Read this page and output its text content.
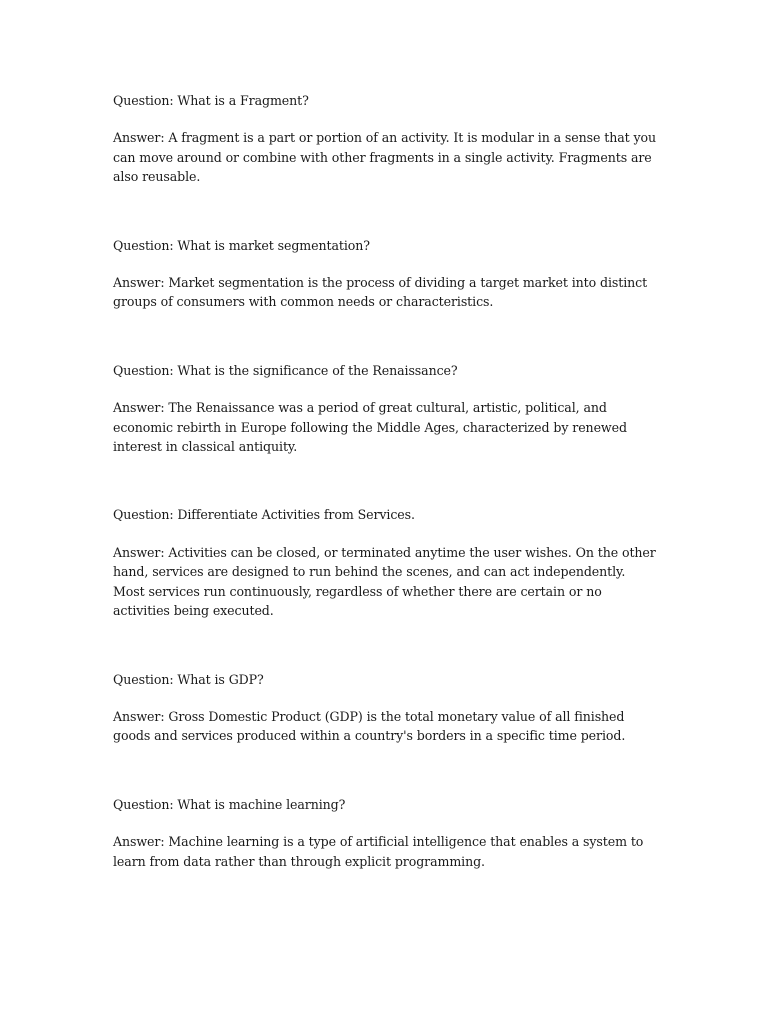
Question: What is a Fragment?

Answer: A fragment is a part or portion of an activity. It is modular in a sense that you can move around or combine with other fragments in a single activity. Fragments are also reusable.

Question: What is market segmentation?

Answer: Market segmentation is the process of dividing a target market into distinct groups of consumers with common needs or characteristics.

Question: What is the significance of the Renaissance?

Answer: The Renaissance was a period of great cultural, artistic, political, and economic rebirth in Europe following the Middle Ages, characterized by renewed interest in classical antiquity.

Question: Differentiate Activities from Services.

Answer: Activities can be closed, or terminated anytime the user wishes. On the other hand, services are designed to run behind the scenes, and can act independently. Most services run continuously, regardless of whether there are certain or no activities being executed.

Question: What is GDP?

Answer: Gross Domestic Product (GDP) is the total monetary value of all finished goods and services produced within a country's borders in a specific time period.

Question: What is machine learning?

Answer: Machine learning is a type of artificial intelligence that enables a system to learn from data rather than through explicit programming.
